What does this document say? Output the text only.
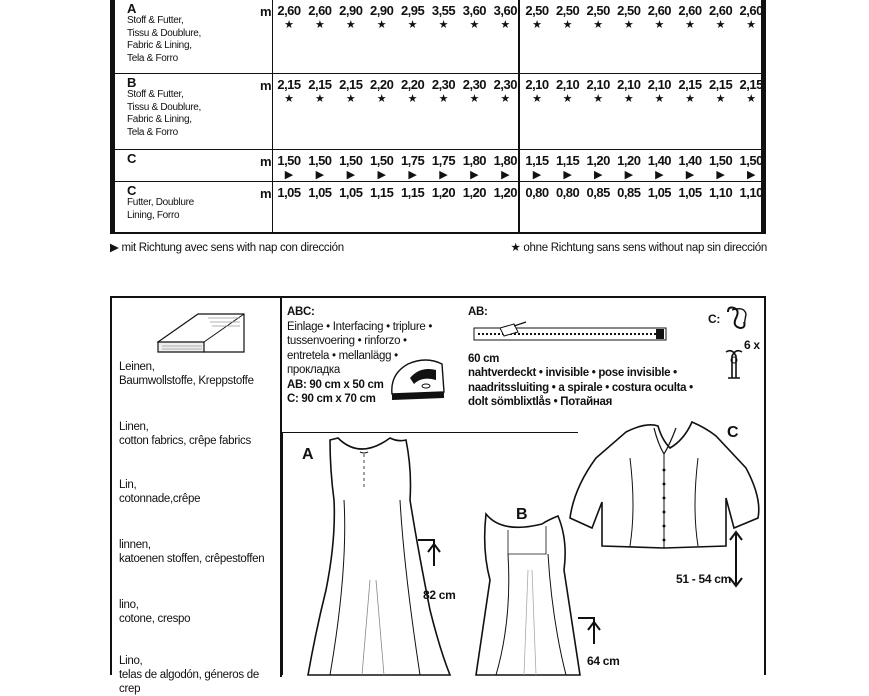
A
Stoff & Futter,
Tissu & Doublure,
Fabric & Lining,
Tela & Forro
m 2,60
★
2,60
★
2,90
★
2,90
★
2,95
★
3,55
★
3,60
★
3,60
★
2,50
★
2,50
★
2,50
★
2,50
★
2,60
★
2,60
★
2,60
★
2,60
★
B
Stoff & Futter,
Tissu & Doublure,
Fabric & Lining,
Tela & Forro
m 2,15
★
2,15
★
2,15
★
2,20
★
2,20
★
2,30
★
2,30
★
2,30
★
2,10
★
2,10
★
2,10
★
2,10
★
2,10
★
2,15
★
2,15
★
2,15
★
C	m 1,50
▶
1,50
▶
1,50
▶
1,50
▶
1,75
▶
1,75
▶
1,80
▶
1,80
▶
1,15
▶
1,15
▶
1,20
▶
1,20
▶
1,40
▶
1,40
▶
1,50
▶
1,50
▶
C
Futter, Doublure
Lining, Forro
m 1,05 1,05 1,05 1,15 1,15 1,20 1,20 1,20 0,80 0,80 0,85 0,85 1,05 1,05 1,10 1,10
▶ mit Richtung avec sens with nap con dirección	★ ohne Richtung sans sens without nap sin dirección
Leinen,
Baumwollstoffe, Kreppstoffe
Linen,
cotton fabrics, crêpe fabrics
Lin,
cotonnade,crêpe
linnen,
katoenen stoffen, crêpestoffen
lino,
cotone, crespo
Lino,
telas de algodón, géneros de crep
ABC:
Einlage • Interfacing • triplure •
tussenvoering • rinforzo •
entretela • mellanlägg •
прокладка
AB: 90 cm x 50 cm
C: 90 cm x 70 cm
AB:
60 cm
nahtverdeckt • invisible • pose invisible •
naadritssluiting • a spirale • costura oculta •
dolt sömblixtlås • Потайная
C:
6 x
A
B
C
82 cm
64 cm
51 - 54 cm
